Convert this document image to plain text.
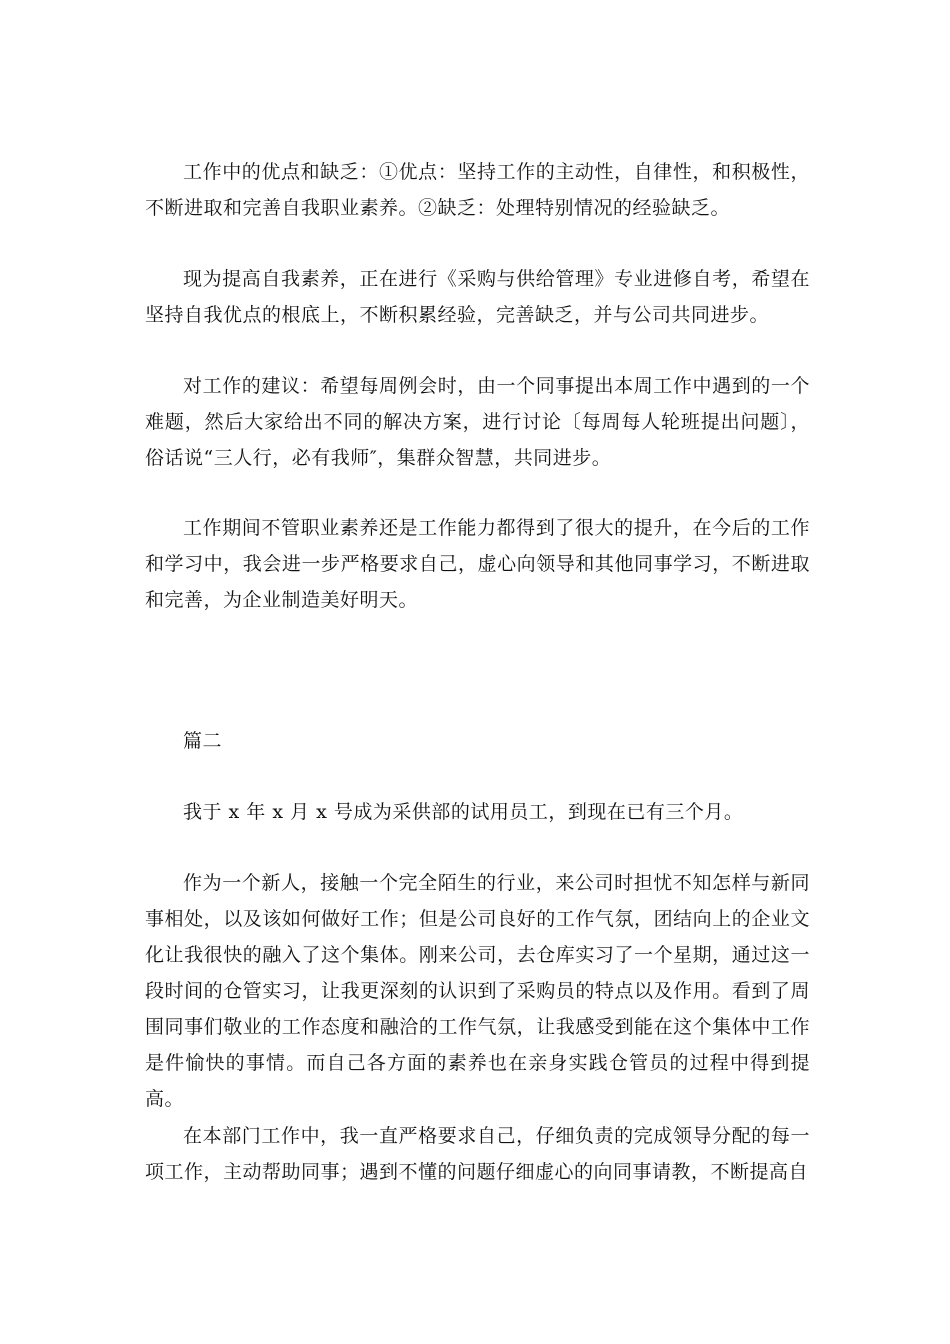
工作中的优点和缺乏：①优点：坚持工作的主动性，自律性，和积极性，不断进取和完善自我职业素养。②缺乏：处理特别情况的经验缺乏。

现为提高自我素养，正在进行《采购与供给管理》专业进修自考，希望在坚持自我优点的根底上，不断积累经验，完善缺乏，并与公司共同进步。

对工作的建议：希望每周例会时，由一个同事提出本周工作中遇到的一个难题，然后大家给出不同的解决方案，进行讨论〔每周每人轮班提出问题〕，俗话说“三人行，必有我师″，集群众智慧，共同进步。

工作期间不管职业素养还是工作能力都得到了很大的提升，在今后的工作和学习中，我会进一步严格要求自己，虚心向领导和其他同事学习，不断进取和完善，为企业制造美好明天。

篇二

我于 x 年 x 月 x 号成为采供部的试用员工，到现在已有三个月。

作为一个新人，接触一个完全陌生的行业，来公司时担忧不知怎样与新同事相处，以及该如何做好工作；但是公司良好的工作气氛，团结向上的企业文化让我很快的融入了这个集体。刚来公司，去仓库实习了一个星期，通过这一段时间的仓管实习，让我更深刻的认识到了采购员的特点以及作用。看到了周围同事们敬业的工作态度和融洽的工作气氛，让我感受到能在这个集体中工作是件愉快的事情。而自己各方面的素养也在亲身实践仓管员的过程中得到提高。

在本部门工作中，我一直严格要求自己，仔细负责的完成领导分配的每一项工作，主动帮助同事；遇到不懂的问题仔细虚心的向同事请教，不断提高自
